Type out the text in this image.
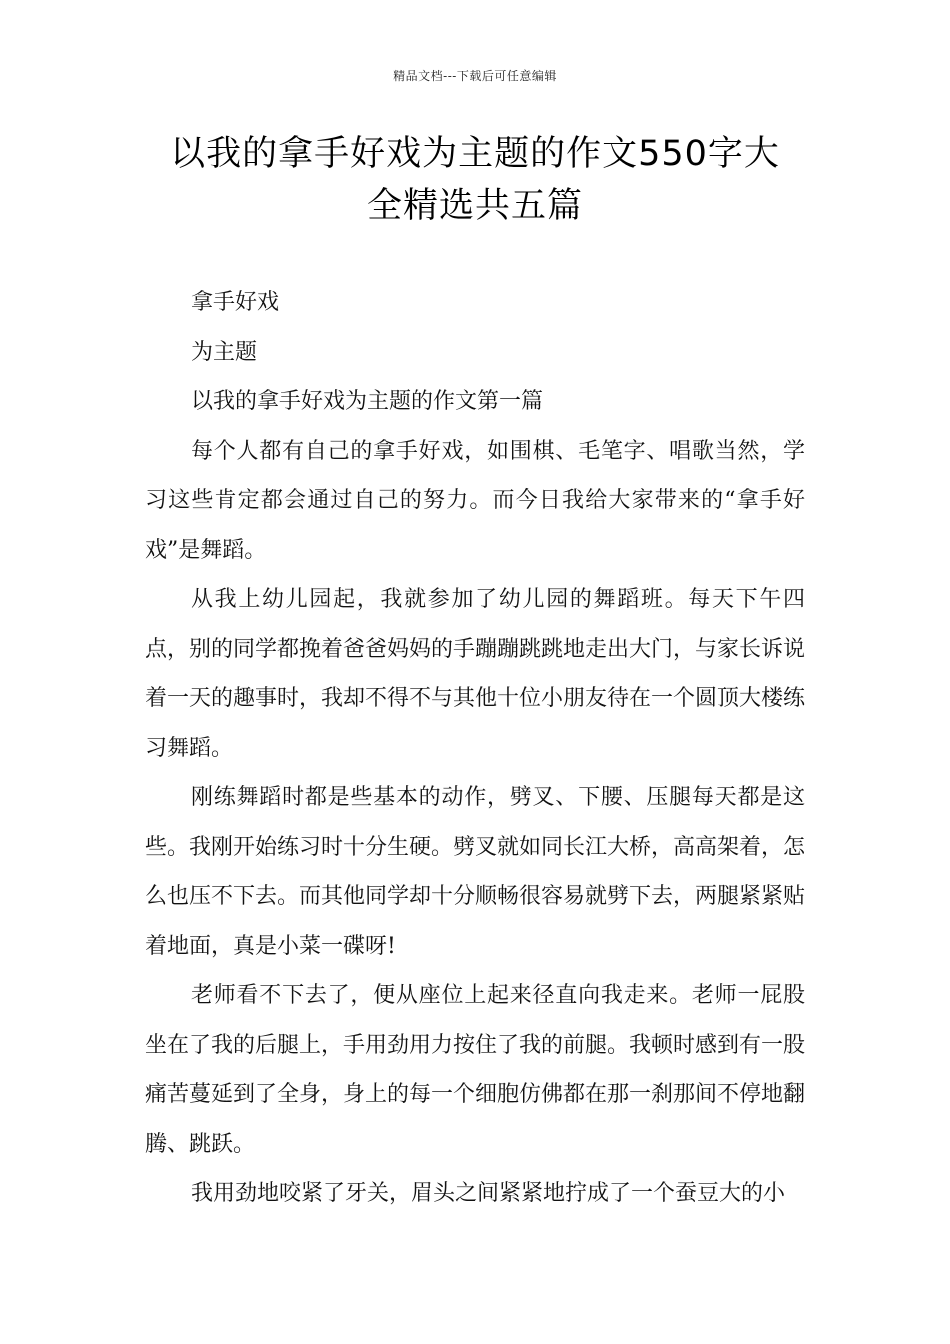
精品文档---下载后可任意编辑
以我的拿手好戏为主题的作文550字大
全精选共五篇

拿手好戏

为主题

以我的拿手好戏为主题的作文第一篇

每个人都有自己的拿手好戏，如围棋、毛笔字、唱歌当然，学习这些肯定都会通过自己的努力。而今日我给大家带来的“拿手好戏”是舞蹈。

从我上幼儿园起，我就参加了幼儿园的舞蹈班。每天下午四点，别的同学都挽着爸爸妈妈的手蹦蹦跳跳地走出大门，与家长诉说着一天的趣事时，我却不得不与其他十位小朋友待在一个圆顶大楼练习舞蹈。

刚练舞蹈时都是些基本的动作，劈叉、下腰、压腿每天都是这些。我刚开始练习时十分生硬。劈叉就如同长江大桥，高高架着，怎么也压不下去。而其他同学却十分顺畅很容易就劈下去，两腿紧紧贴着地面，真是小菜一碟呀!

老师看不下去了，便从座位上起来径直向我走来。老师一屁股坐在了我的后腿上，手用劲用力按住了我的前腿。我顿时感到有一股痛苦蔓延到了全身，身上的每一个细胞仿佛都在那一刹那间不停地翻腾、跳跃。

我用劲地咬紧了牙关，眉头之间紧紧地拧成了一个蚕豆大的小
